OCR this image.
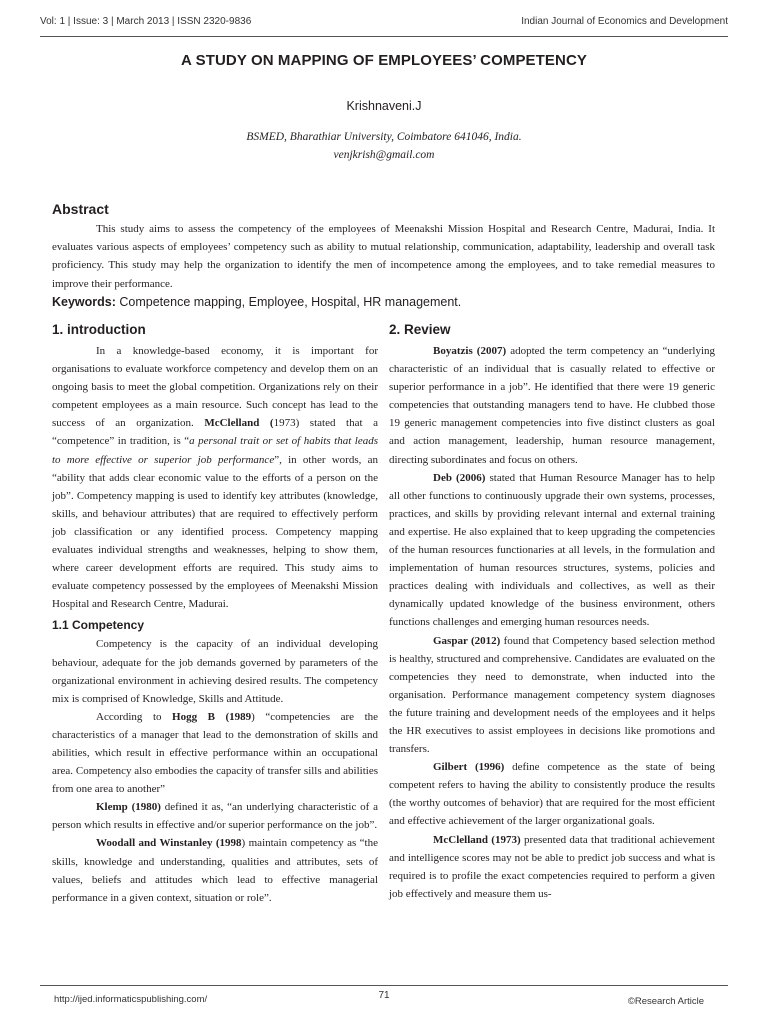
Vol: 1 | Issue: 3 | March 2013 | ISSN 2320-9836	Indian Journal of Economics and Development
A STUDY ON MAPPING OF EMPLOYEES’ COMPETENCY
Krishnaveni.J
BSMED, Bharathiar University, Coimbatore 641046, India.
venjkrish@gmail.com
Abstract
This study aims to assess the competency of the employees of Meenakshi Mission Hospital and Research Centre, Madurai, India. It evaluates various aspects of employees’ competency such as ability to mutual relationship, communication, adaptability, leadership and overall task proficiency. This study may help the organization to identify the men of incompetence among the employees, and to take remedial measures to improve their performance.
Keywords: Competence mapping, Employee, Hospital, HR management.
1. introduction

In a knowledge-based economy, it is important for organisations to evaluate workforce competency and develop them on an ongoing basis to meet the global competition. Organizations rely on their competent employees as a main resource. Such concept has lead to the success of an organization. McClelland (1973) stated that a “competence” in tradition, is “a personal trait or set of habits that leads to more effective or superior job performance”, in other words, an “ability that adds clear economic value to the efforts of a person on the job”. Competency mapping is used to identify key attributes (knowledge, skills, and behaviour attributes) that are required to effectively perform job classification or any identified process. Competency mapping evaluates individual strengths and weaknesses, helping to show them, where career development efforts are required. This study aims to evaluate competency possessed by the employees of Meenakshi Mission Hospital and Research Centre, Madurai.

1.1 Competency

Competency is the capacity of an individual developing behaviour, adequate for the job demands governed by parameters of the organizational environment in achieving desired results. The competency mix is comprised of Knowledge, Skills and Attitude.

According to Hogg B (1989) “competencies are the characteristics of a manager that lead to the demonstration of skills and abilities, which result in effective performance within an occupational area. Competency also embodies the capacity of transfer sills and abilities from one area to another”

Klemp (1980) defined it as, “an underlying characteristic of a person which results in effective and/or superior performance on the job”.

Woodall and Winstanley (1998) maintain competency as “the skills, knowledge and understanding, qualities and attributes, sets of values, beliefs and attitudes which lead to effective managerial performance in a given context, situation or role”.

2. Review

Boyatzis (2007) adopted the term competency an “underlying characteristic of an individual that is casually related to effective or superior performance in a job”. He identified that there were 19 generic competencies that outstanding managers tend to have. He clubbed those 19 generic management competencies into five distinct clusters as goal and action management, leadership, human resource management, directing subordinates and focus on others.

Deb (2006) stated that Human Resource Manager has to help all other functions to continuously upgrade their own systems, processes, practices, and skills by providing relevant internal and external training and expertise. He also explained that to keep upgrading the competencies of the human resources functionaries at all levels, in the formulation and implementation of human resources structures, systems, policies and practices dealing with individuals and collectives, as well as their dynamically updated knowledge of the business environment, others functions challenges and emerging human resources needs.

Gaspar (2012) found that Competency based selection method is healthy, structured and comprehensive. Candidates are evaluated on the competencies they need to demonstrate, when inducted into the organisation. Performance management competency system diagnoses the future training and development needs of the employees and it helps the HR executives to assist employees in decisions like promotions and transfers.

Gilbert (1996) define competence as the state of being competent refers to having the ability to consistently produce the results (the worthy outcomes of behavior) that are required for the most efficient and effective achievement of the larger organizational goals.

McClelland (1973) presented data that traditional achievement and intelligence scores may not be able to predict job success and what is required is to profile the exact competencies required to perform a given job effectively and measure them us-

http://ijed.informaticspublishing.com/	71
©Research Article
